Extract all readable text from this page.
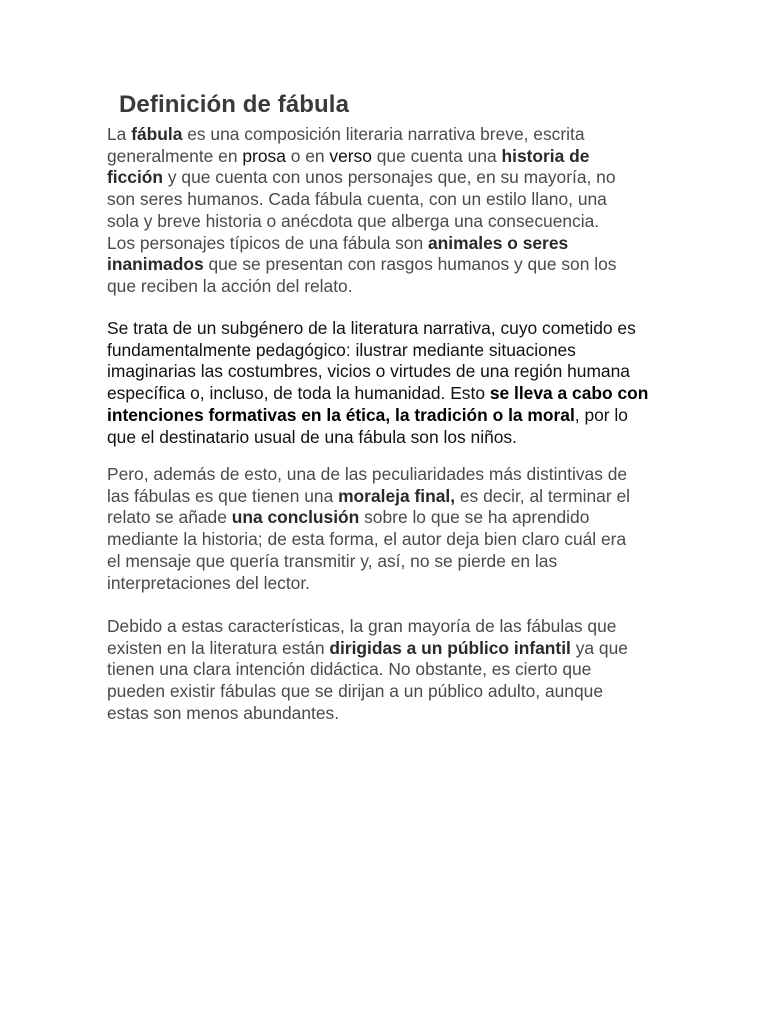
Definición de fábula

La fábula es una composición literaria narrativa breve, escrita
generalmente en prosa o en verso que cuenta una historia de
ficción y que cuenta con unos personajes que, en su mayoría, no
son seres humanos. Cada fábula cuenta, con un estilo llano, una
sola y breve historia o anécdota que alberga una consecuencia.
Los personajes típicos de una fábula son animales o seres
inanimados que se presentan con rasgos humanos y que son los
que reciben la acción del relato.

Se trata de un subgénero de la literatura narrativa, cuyo cometido es
fundamentalmente pedagógico: ilustrar mediante situaciones
imaginarias las costumbres, vicios o virtudes de una región humana
específica o, incluso, de toda la humanidad. Esto se lleva a cabo con
intenciones formativas en la ética, la tradición o la moral, por lo
que el destinatario usual de una fábula son los niños.

Pero, además de esto, una de las peculiaridades más distintivas de
las fábulas es que tienen una moraleja final, es decir, al terminar el
relato se añade una conclusión sobre lo que se ha aprendido
mediante la historia; de esta forma, el autor deja bien claro cuál era
el mensaje que quería transmitir y, así, no se pierde en las
interpretaciones del lector.

Debido a estas características, la gran mayoría de las fábulas que
existen en la literatura están dirigidas a un público infantil ya que
tienen una clara intención didáctica. No obstante, es cierto que
pueden existir fábulas que se dirijan a un público adulto, aunque
estas son menos abundantes.
